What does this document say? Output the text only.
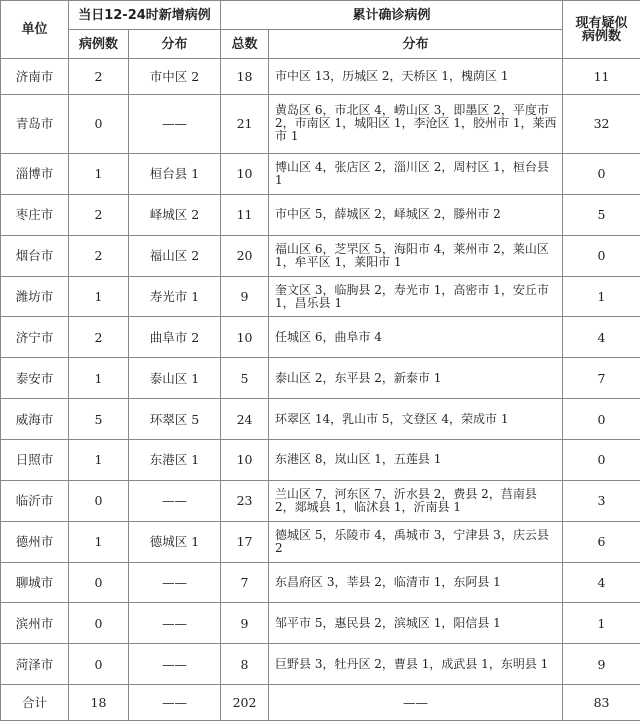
单位	当日12-24时新增病例		累计确诊病例		现有疑似病例数
	病例数	分布	总数	分布	
济南市	2	市中区 2	18	市中区 13，历城区 2，天桥区 1，槐荫区 1	11
青岛市	0	——	21	黄岛区 6，市北区 4，崂山区 3，即墨区 2，平度市 2，市南区 1，城阳区 1，李沧区 1，胶州市 1，莱西市 1	32
淄博市	1	桓台县 1	10	博山区 4，张店区 2，淄川区 2，周村区 1，桓台县 1	0
枣庄市	2	峄城区 2	11	市中区 5，薛城区 2，峄城区 2，滕州市 2	5
烟台市	2	福山区 2	20	福山区 6，芝罘区 5，海阳市 4，莱州市 2，莱山区 1，牟平区 1，莱阳市 1	0
潍坊市	1	寿光市 1	9	奎文区 3，临朐县 2，寿光市 1，高密市 1，安丘市 1，昌乐县 1	1
济宁市	2	曲阜市 2	10	任城区 6，曲阜市 4	4
泰安市	1	泰山区 1	5	泰山区 2，东平县 2，新泰市 1	7
威海市	5	环翠区 5	24	环翠区 14，乳山市 5，文登区 4，荣成市 1	0
日照市	1	东港区 1	10	东港区 8，岚山区 1，五莲县 1	0
临沂市	0	——	23	兰山区 7，河东区 7，沂水县 2，费县 2，莒南县 2，郯城县 1，临沭县 1，沂南县 1	3
德州市	1	德城区 1	17	德城区 5，乐陵市 4，禹城市 3，宁津县 3，庆云县 2	6
聊城市	0	——	7	东昌府区 3，莘县 2，临清市 1，东阿县 1	4
滨州市	0	——	9	邹平市 5，惠民县 2，滨城区 1，阳信县 1	1
菏泽市	0	——	8	巨野县 3，牡丹区 2，曹县 1，成武县 1，东明县 1	9
合计	18	——	202	——	83
